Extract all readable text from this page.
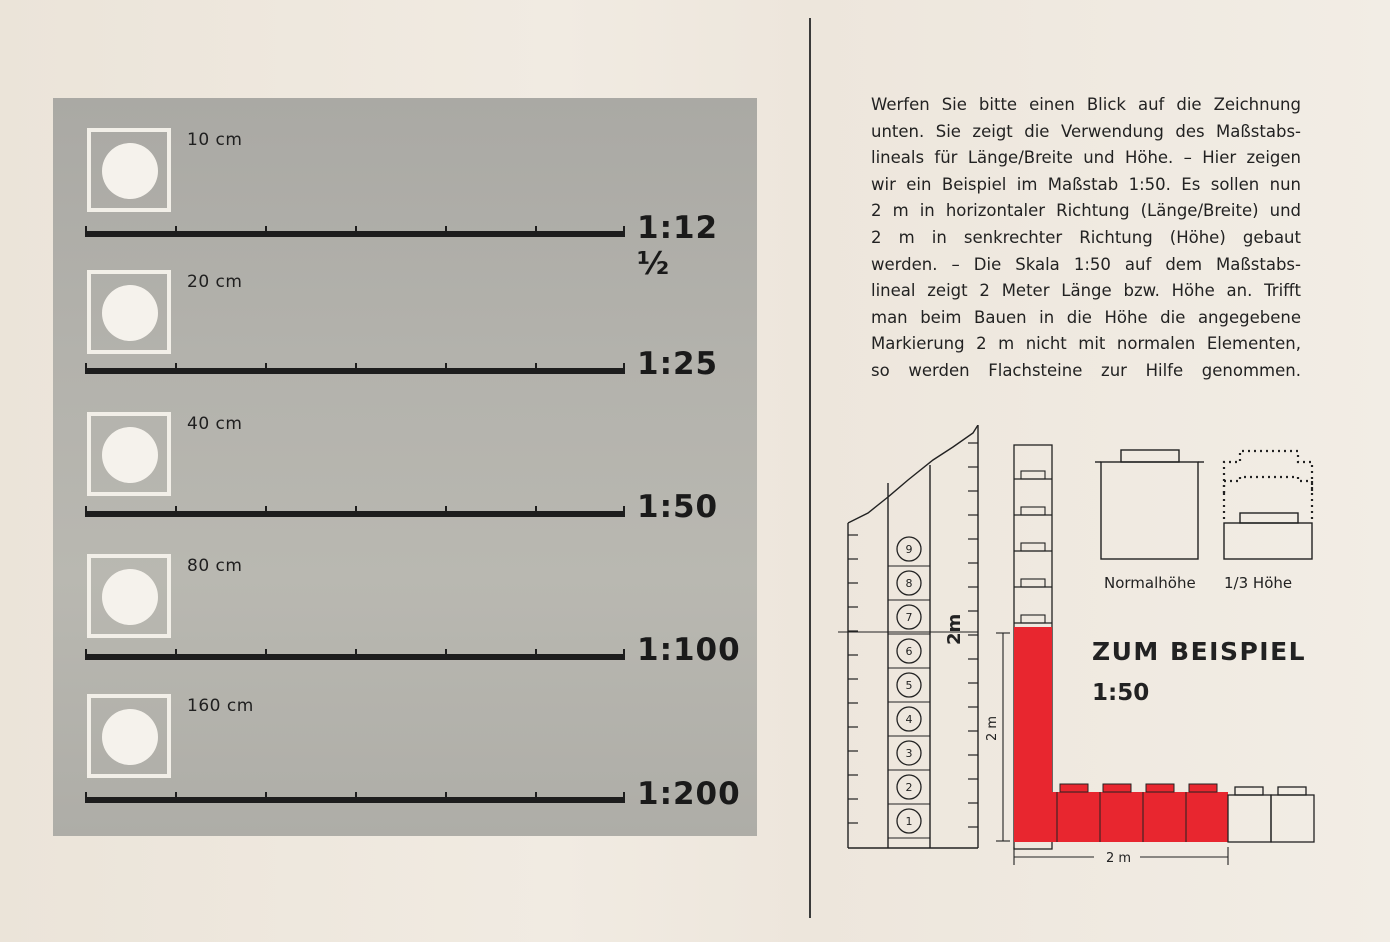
10 cm
1:12 ½
20 cm
1:25
40 cm
1:50
80 cm
1:100
160 cm
1:200
Werfen Sie bitte einen Blick auf die Zeichnung
unten. Sie zeigt die Verwendung des Maßstabs-
lineals für Länge/Breite und Höhe. – Hier zeigen
wir ein Beispiel im Maßstab 1:50. Es sollen nun
2 m in horizontaler Richtung (Länge/Breite) und
2 m in senkrechter Richtung (Höhe) gebaut
werden. – Die Skala 1:50 auf dem Maßstabs-
lineal zeigt 2 Meter Länge bzw. Höhe an. Trifft
man beim Bauen in die Höhe die angegebene
Markierung 2 m nicht mit normalen Elementen,
so werden Flachsteine zur Hilfe genommen.
1
2
3
4
5
6
7
8
9
2m
2 m
2 m
ZUM BEISPIEL
1:50
Normalhöhe 1/3 Höhe
